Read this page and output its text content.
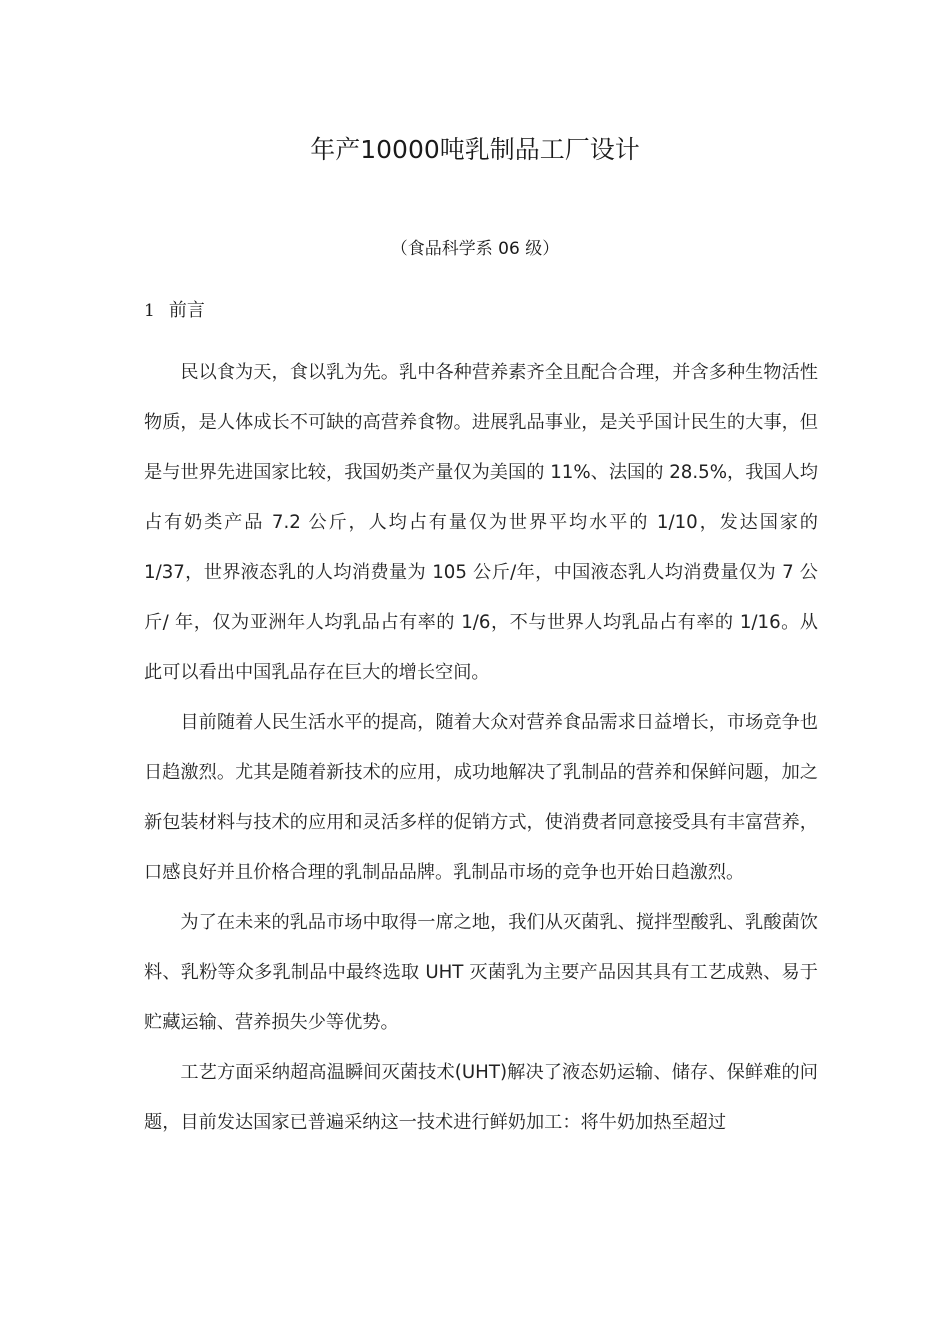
年产10000吨乳制品工厂设计
（食品科学系 06 级）
1 前言

民以食为天，食以乳为先。乳中各种营养素齐全且配合合理，并含多种生物活性物质，是人体成长不可缺的高营养食物。进展乳品事业，是关乎国计民生的大事，但是与世界先进国家比较，我国奶类产量仅为美国的 11%、法国的 28.5%，我国人均占有奶类产品 7.2 公斤，人均占有量仅为世界平均水平的 1/10，发达国家的 1/37，世界液态乳的人均消费量为 105 公斤/年，中国液态乳人均消费量仅为 7 公斤/ 年，仅为亚洲年人均乳品占有率的 1/6，不与世界人均乳品占有率的 1/16。从此可以看出中国乳品存在巨大的增长空间。

目前随着人民生活水平的提高，随着大众对营养食品需求日益增长，市场竞争也日趋激烈。尤其是随着新技术的应用，成功地解决了乳制品的营养和保鲜问题，加之新包装材料与技术的应用和灵活多样的促销方式，使消费者同意接受具有丰富营养，口感良好并且价格合理的乳制品品牌。乳制品市场的竞争也开始日趋激烈。

为了在未来的乳品市场中取得一席之地，我们从灭菌乳、搅拌型酸乳、乳酸菌饮料、乳粉等众多乳制品中最终选取 UHT 灭菌乳为主要产品因其具有工艺成熟、易于贮藏运输、营养损失少等优势。

工艺方面采纳超高温瞬间灭菌技术(UHT)解决了液态奶运输、储存、保鲜难的问题，目前发达国家已普遍采纳这一技术进行鲜奶加工：将牛奶加热至超过
